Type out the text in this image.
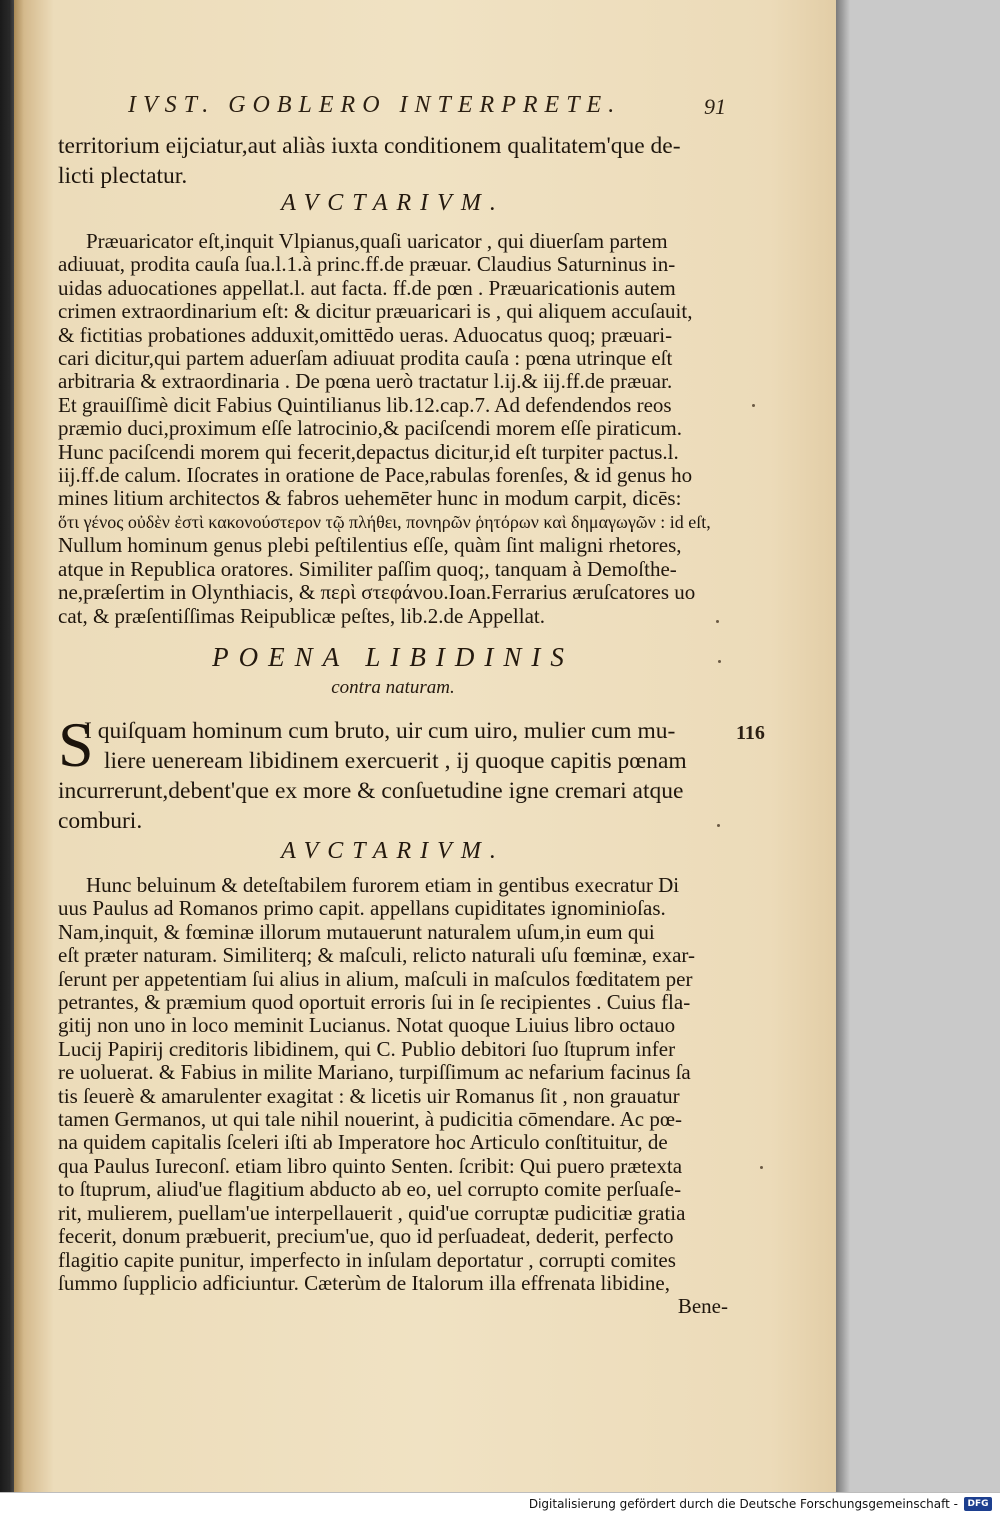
IVST. GOBLERO INTERPRETE.	91
territorium eijciatur,aut aliàs iuxta conditionem qualitatem'que de-
licti plectatur.
AVCTARIVM.
Præuaricator eſt,inquit Vlpianus,quaſi uaricator , qui diuerſam partem
adiuuat, prodita cauſa ſua.l.1.à princ.ff.de præuar. Claudius Saturninus in-
uidas aduocationes appellat.l. aut facta. ff.de pœn . Præuaricationis autem
crimen extraordinarium eſt: & dicitur præuaricari is , qui aliquem accuſauit,
& fictitias probationes adduxit,omittēdo ueras. Aduocatus quoq; præuari-
cari dicitur,qui partem aduerſam adiuuat prodita cauſa : pœna utrinque eſt
arbitraria & extraordinaria . De pœna uerò tractatur l.ij.& iij.ff.de præuar.
Et grauiſſimè dicit Fabius Quintilianus lib.12.cap.7. Ad defendendos reos
præmio duci,proximum eſſe latrocinio,& paciſcendi morem eſſe piraticum.
Hunc paciſcendi morem qui fecerit,depactus dicitur,id eſt turpiter pactus.l.
iij.ff.de calum. Iſocrates in oratione de Pace,rabulas forenſes, & id genus ho
mines litium architectos & fabros uehemēter hunc in modum carpit, dicēs:
ὅτι γένος οὐδὲν ἐστὶ κακονούστερον τῷ πλήθει, πονηρῶν ῥητόρων καὶ δημαγωγῶν : id eſt,
Nullum hominum genus plebi peſtilentius eſſe, quàm ſint maligni rhetores,
atque in Republica oratores. Similiter paſſim quoq;, tanquam à Demoſthe-
ne,præſertim in Olynthiacis, & περὶ στεφάνου.Ioan.Ferrarius æruſcatores uo
cat, & præſentiſſimas Reipublicæ peſtes, lib.2.de Appellat.
POENA LIBIDINIS
contra naturam.
S
I quiſquam hominum cum bruto, uir cum uiro, mulier cum mu-
liere ueneream libidinem exercuerit , ij quoque capitis pœnam
incurrerunt,debent'que ex more & conſuetudine igne cremari atque
comburi.
AVCTARIVM.
Hunc beluinum & deteſtabilem furorem etiam in gentibus execratur Di
uus Paulus ad Romanos primo capit. appellans cupiditates ignominioſas.
Nam,inquit, & fœminæ illorum mutauerunt naturalem uſum,in eum qui
eſt præter naturam. Similiterq; & maſculi, relicto naturali uſu fœminæ, exar-
ſerunt per appetentiam ſui alius in alium, maſculi in maſculos fœditatem per
petrantes, & præmium quod oportuit erroris ſui in ſe recipientes . Cuius fla-
gitij non uno in loco meminit Lucianus. Notat quoque Liuius libro octauo
Lucij Papirij creditoris libidinem, qui C. Publio debitori ſuo ſtuprum infer
re uoluerat. & Fabius in milite Mariano, turpiſſimum ac nefarium facinus ſa
tis ſeuerè & amarulenter exagitat : & licetis uir Romanus ſit , non grauatur
tamen Germanos, ut qui tale nihil nouerint, à pudicitia cōmendare. Ac pœ-
na quidem capitalis ſceleri iſti ab Imperatore hoc Articulo conſtituitur, de
qua Paulus Iureconſ. etiam libro quinto Senten. ſcribit: Qui puero prætexta
to ſtuprum, aliud'ue flagitium abducto ab eo, uel corrupto comite perſuaſe-
rit, mulierem, puellam'ue interpellauerit , quid'ue corruptæ pudicitiæ gratia
fecerit, donum præbuerit, precium'ue, quo id perſuadeat, dederit, perfecto
flagitio capite punitur, imperfecto in inſulam deportatur , corrupti comites
ſummo ſupplicio adficiuntur. Cæterùm de Italorum illa effrenata libidine,
Bene-
116
Digitalisierung gefördert durch die Deutsche Forschungsgemeinschaft -	DFG
